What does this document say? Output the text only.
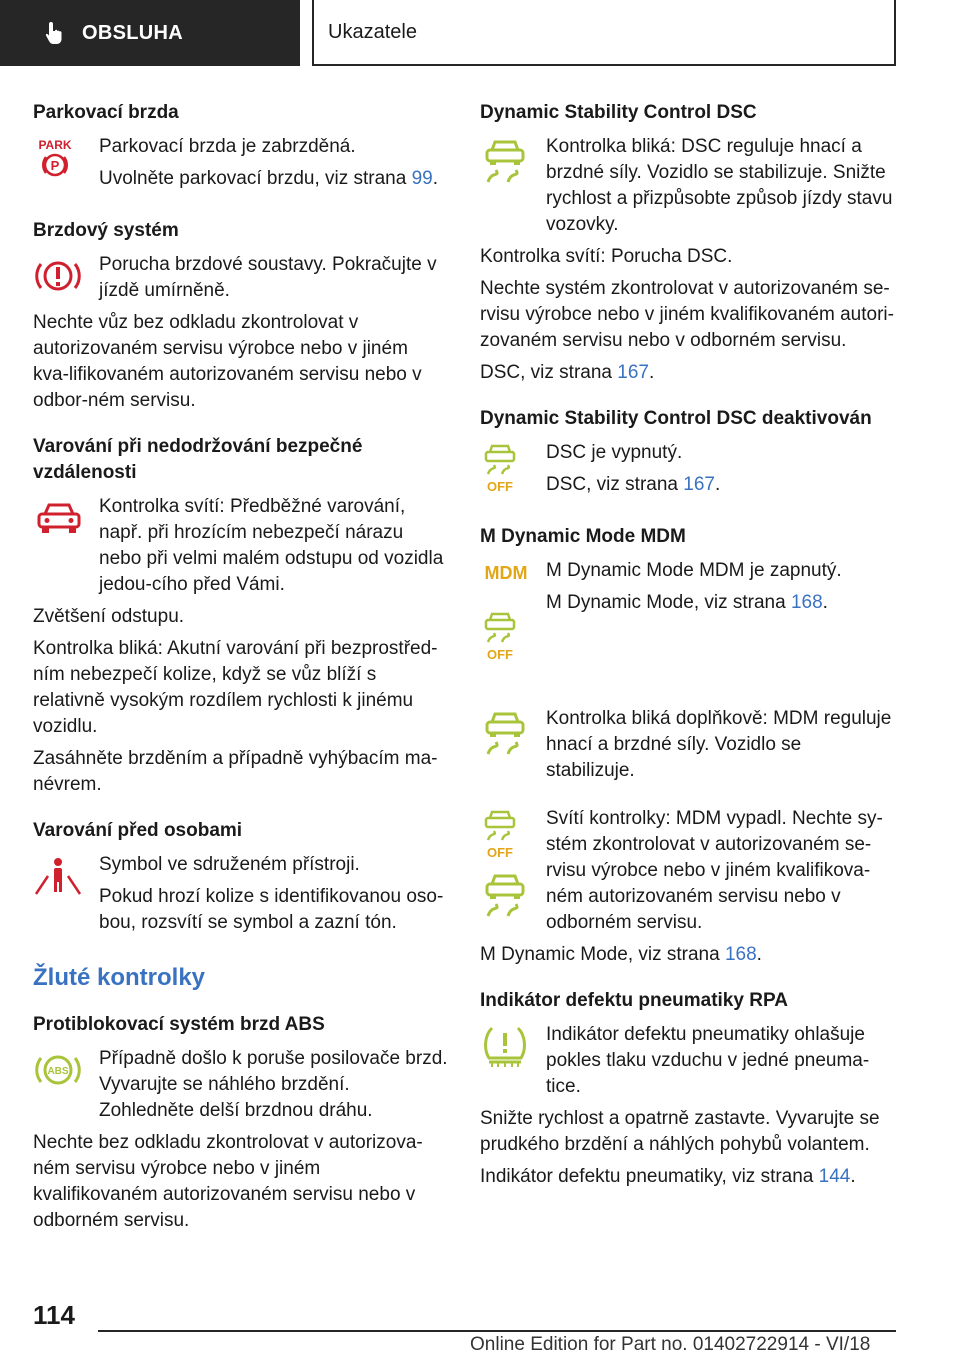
OBSLUHA	Ukazatele
Parkovací brzda
PARK
P

Parkovací brzda je zabrzděná.

Uvolněte parkovací brzdu, viz strana 99.

Brzdový systém

Porucha brzdové soustavy. Pokračujte v jízdě umírněně.

Nechte vůz bez odkladu zkontrolovat v autorizovaném servisu výrobce nebo v jiném kva-lifikovaném autorizovaném servisu nebo v odbor-ném servisu.

Varování při nedodržování bezpečné vzdálenosti

Kontrolka svítí: Předběžné varování, např. při hrozícím nebezpečí nárazu nebo při velmi malém odstupu od vozidla jedou-cího před Vámi.

Zvětšení odstupu.

Kontrolka bliká: Akutní varování při bezprostřed-ním nebezpečí kolize, když se vůz blíží s relativně vysokým rozdílem rychlosti k jinému vozidlu.

Zasáhněte brzděním a případně vyhýbacím ma-névrem.

Varování před osobami

Symbol ve sdruženém přístroji.

Pokud hrozí kolize s identifikovanou oso-bou, rozsvítí se symbol a zazní tón.

Žluté kontrolky
Protiblokovací systém brzd ABS
ABS

Případně došlo k poruše posilovače brzd. Vyvarujte se náhlého brzdění. Zohledněte delší brzdnou dráhu.

Nechte bez odkladu zkontrolovat v autorizova-ném servisu výrobce nebo v jiném kvalifikovaném autorizovaném servisu nebo v odborném servisu.

Dynamic Stability Control DSC

Kontrolka bliká: DSC reguluje hnací a brzdné síly. Vozidlo se stabilizuje. Snižte rychlost a přizpůsobte způsob jízdy stavu vozovky.

Kontrolka svítí: Porucha DSC.

Nechte systém zkontrolovat v autorizovaném se-rvisu výrobce nebo v jiném kvalifikovaném autori-zovaném servisu nebo v odborném servisu.

DSC, viz strana 167.

Dynamic Stability Control DSC deaktivován
OFF

DSC je vypnutý.

DSC, viz strana 167.

M Dynamic Mode MDM
MDM
OFF

M Dynamic Mode MDM je zapnutý.

M Dynamic Mode, viz strana 168.

Kontrolka bliká doplňkově: MDM reguluje hnací a brzdné síly. Vozidlo se stabilizuje.

OFF

Svítí kontrolky: MDM vypadl. Nechte sy-stém zkontrolovat v autorizovaném se-rvisu výrobce nebo v jiném kvalifikova-ném autorizovaném servisu nebo v odborném servisu.

M Dynamic Mode, viz strana 168.

Indikátor defektu pneumatiky RPA

Indikátor defektu pneumatiky ohlašuje pokles tlaku vzduchu v jedné pneuma-tice.

Snižte rychlost a opatrně zastavte. Vyvarujte se prudkého brzdění a náhlých pohybů volantem.

Indikátor defektu pneumatiky, viz strana 144.

114
Online Edition for Part no. 01402722914 - VI/18
